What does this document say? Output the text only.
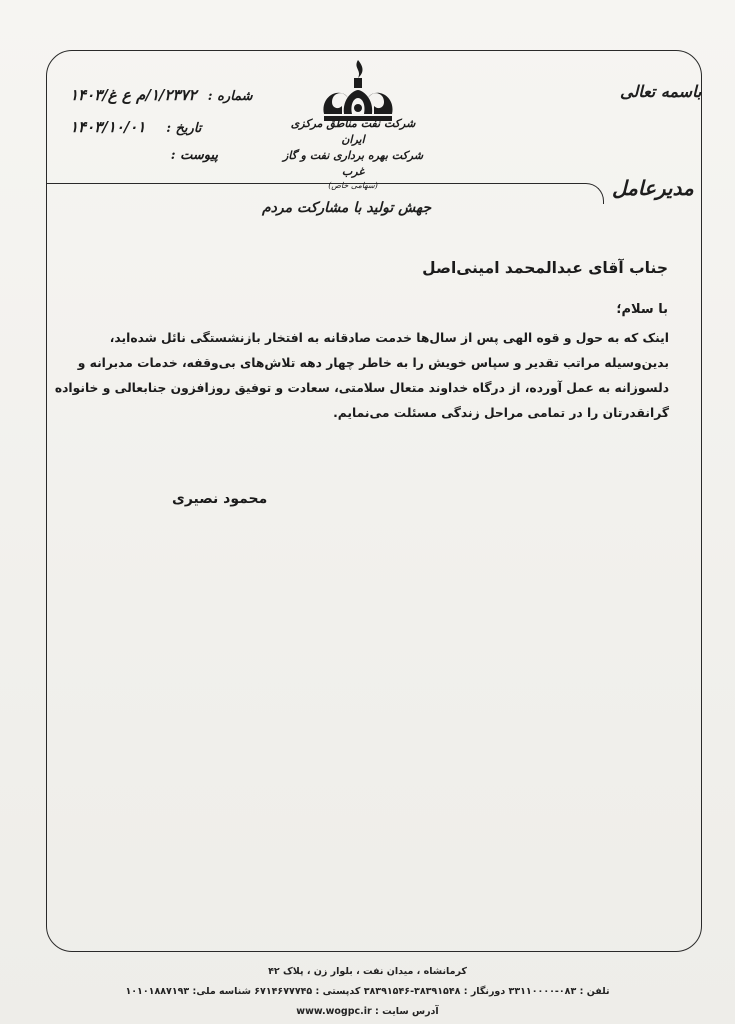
باسمه تعالی
مدیرعامل
جهش تولید با مشارکت مردم
شرکت نفت مناطق مرکزی ایران
شرکت بهره برداری نفت و گاز غرب
(سهامی خاص)
شماره :۱/۲۳۷۲/م ع غ/۱۴۰۳
تاریخ :۱۴۰۳/۱۰/۰۱
پیوست :
جناب آقای عبدالمحمد امینی‌اصل
با سلام؛
اینک که به حول و قوه الهی پس از سال‌ها خدمت صادقانه به افتخار بازنشستگی نائل شده‌اید،
بدین‌وسیله مراتب تقدیر و سپاس خویش را به خاطر چهار دهه تلاش‌های بی‌وقفه، خدمات مدبرانه و
دلسوزانه به عمل آورده، از درگاه خداوند متعال سلامتی، سعادت و توفیق روزافزون جنابعالی و خانواده
گرانقدرتان را در تمامی مراحل زندگی مسئلت می‌نمایم.
محمود نصیری
کرمانشاه ، میدان نفت ، بلوار زن ، پلاک ۴۲
تلفن : ۰۸۳-۳۳۱۱۰۰۰۰ دورنگار : ۳۸۳۹۱۵۴۸-۳۸۳۹۱۵۴۶ کدپستی : ۶۷۱۴۶۷۷۷۴۵ شناسه ملی: ۱۰۱۰۱۸۸۷۱۹۳
آدرس سایت : www.wogpc.ir
